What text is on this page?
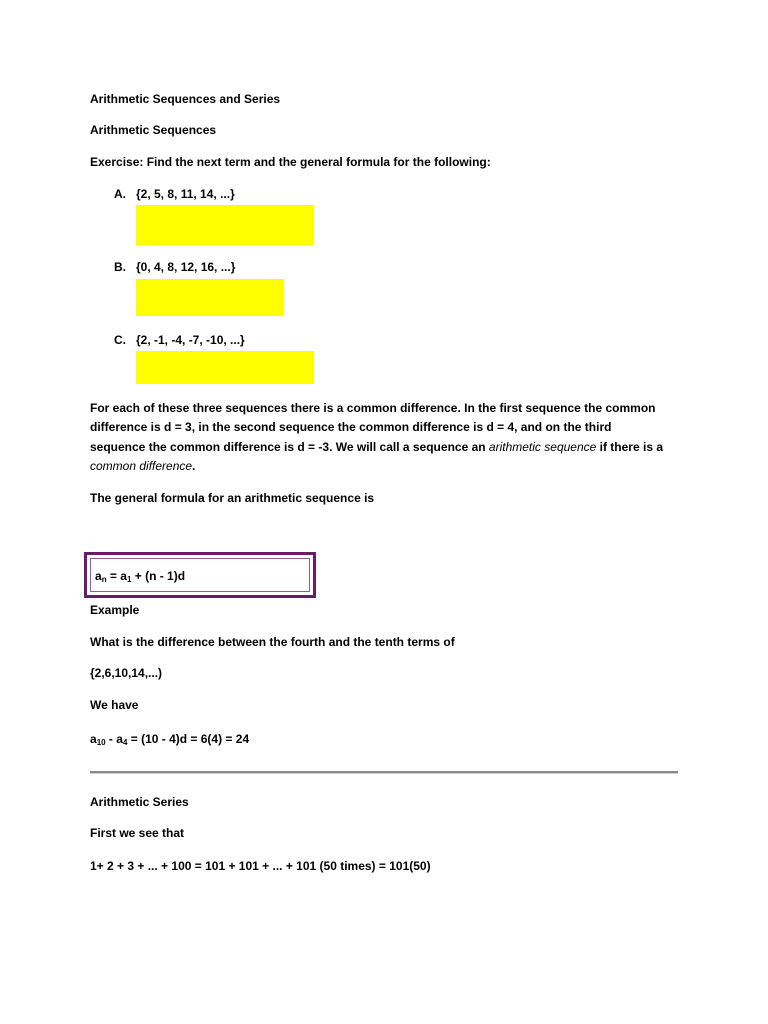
Arithmetic Sequences and Series
Arithmetic Sequences
Exercise: Find the next term and the general formula for the following:
A. {2, 5, 8, 11, 14, ...}
B. {0, 4, 8, 12, 16, ...}
C. {2, -1, -4, -7, -10, ...}
For each of these three sequences there is a common difference. In the first sequence the common difference is d = 3, in the second sequence the common difference is d = 4, and on the third sequence the common difference is d = -3. We will call a sequence an arithmetic sequence if there is a common difference.
The general formula for an arithmetic sequence is
$a_n = a_1 + (n - 1)d$
Example
What is the difference between the fourth and the tenth terms of
{2,6,10,14,...)
We have
$a_{10} - a_4 = (10 - 4)d = 6(4) = 24$
Arithmetic Series
First we see that
1+ 2 + 3 + ... + 100 = 101 + 101 + ... + 101 (50 times) = 101(50)
